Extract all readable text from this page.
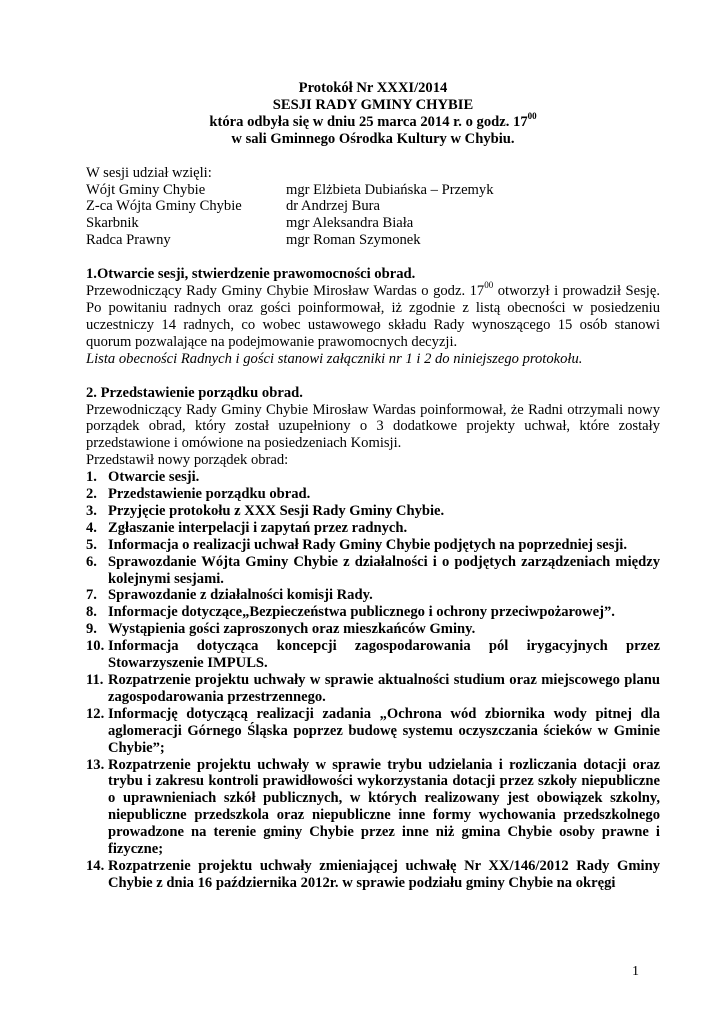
Protokół Nr XXXI/2014
SESJI RADY GMINY CHYBIE
która odbyła się w dniu 25 marca 2014 r. o godz. $17^{00}$
w sali Gminnego Ośrodka Kultury w Chybiu.
W sesji udział wzięli:
Wójt Gminy Chybie	mgr Elżbieta Dubiańska – Przemyk
Z-ca Wójta Gminy Chybie	dr Andrzej Bura
Skarbnik	mgr Aleksandra Biała
Radca Prawny	mgr Roman Szymonek
1.Otwarcie sesji, stwierdzenie prawomocności obrad.
Przewodniczący Rady Gminy Chybie Mirosław Wardas o godz. $17^{00}$ otworzył i prowadził Sesję. Po powitaniu radnych oraz gości poinformował, iż zgodnie z listą obecności w posiedzeniu uczestniczy 14 radnych, co wobec ustawowego składu Rady wynoszącego 15 osób stanowi quorum pozwalające na podejmowanie prawomocnych decyzji.
Lista obecności Radnych i gości stanowi załączniki nr 1 i 2 do niniejszego protokołu.
2. Przedstawienie porządku obrad.
Przewodniczący Rady Gminy Chybie Mirosław Wardas poinformował, że Radni otrzymali nowy porządek obrad, który został uzupełniony o 3 dodatkowe projekty uchwał, które zostały przedstawione i omówione na posiedzeniach Komisji.
Przedstawił nowy porządek obrad:
1. Otwarcie sesji.
2. Przedstawienie porządku obrad.
3. Przyjęcie protokołu z XXX Sesji Rady Gminy Chybie.
4. Zgłaszanie interpelacji i zapytań przez radnych.
5. Informacja o realizacji uchwał Rady Gminy Chybie podjętych na poprzedniej sesji.
6. Sprawozdanie Wójta Gminy Chybie z działalności i o podjętych zarządzeniach między kolejnymi sesjami.
7. Sprawozdanie z działalności komisji Rady.
8. Informacje dotyczące„Bezpieczeństwa publicznego i ochrony przeciwpożarowej”.
9. Wystąpienia gości zaproszonych oraz mieszkańców Gminy.
10. Informacja dotycząca koncepcji zagospodarowania pól irygacyjnych przez Stowarzyszenie IMPULS.
11. Rozpatrzenie projektu uchwały w sprawie aktualności studium oraz miejscowego planu zagospodarowania przestrzennego.
12. Informację dotyczącą realizacji zadania „Ochrona wód zbiornika wody pitnej dla aglomeracji Górnego Śląska poprzez budowę systemu oczyszczania ścieków w Gminie Chybie”;
13. Rozpatrzenie projektu uchwały w sprawie trybu udzielania i rozliczania dotacji oraz trybu i zakresu kontroli prawidłowości wykorzystania dotacji przez szkoły niepubliczne o uprawnieniach szkół publicznych, w których realizowany jest obowiązek szkolny, niepubliczne przedszkola oraz niepubliczne inne formy wychowania przedszkolnego prowadzone na terenie gminy Chybie przez inne niż gmina Chybie osoby prawne i fizyczne;
14. Rozpatrzenie projektu uchwały zmieniającej uchwałę Nr XX/146/2012 Rady Gminy Chybie z dnia 16 października 2012r. w sprawie podziału gminy Chybie na okręgi
1
